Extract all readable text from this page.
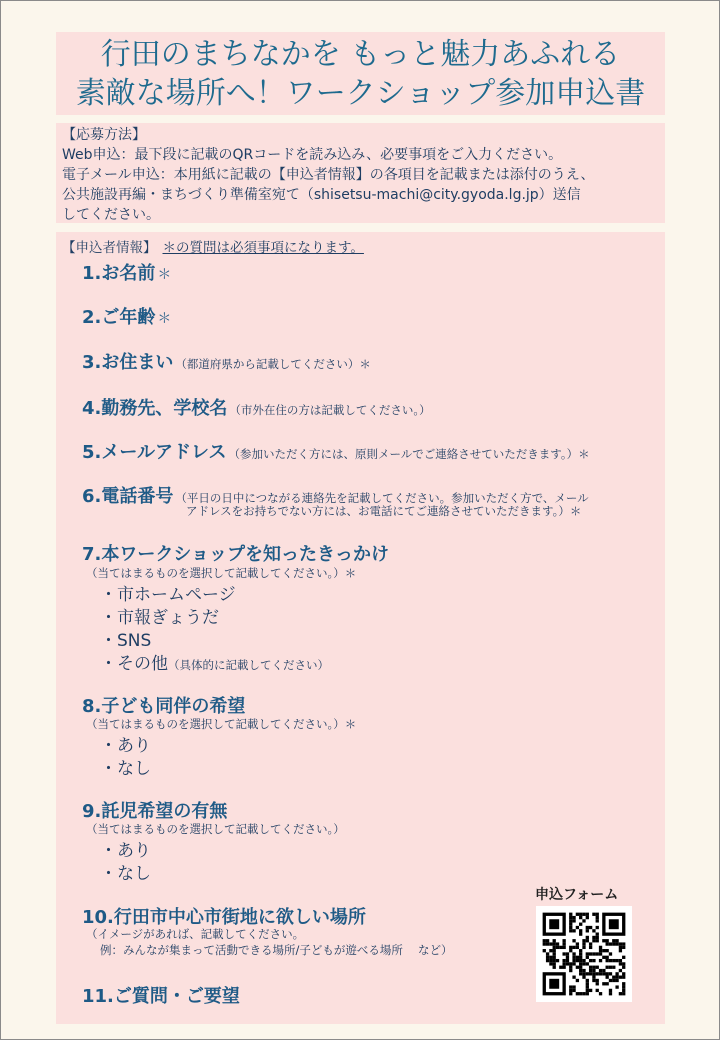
行田のまちなかを もっと魅力あふれる
素敵な場所へ！ワークショップ参加申込書
【応募方法】
Web申込：最下段に記載のQRコードを読み込み、必要事項をご入力ください。
電子メール申込：本用紙に記載の【申込者情報】の各項目を記載または添付のうえ、
公共施設再編・まちづくり準備室宛て（shisetsu-machi@city.gyoda.lg.jp）送信
してください。
【申込者情報】 ＊の質問は必須事項になります。
1.お名前 ＊
2.ご年齢 ＊
3.お住まい （都道府県から記載してください）＊
4.勤務先、学校名 （市外在住の方は記載してください。）
5.メールアドレス （参加いただく方には、原則メールでご連絡させていただきます。）＊
6.電話番号 （平日の日中につながる連絡先を記載してください。参加いただく方で、メール
アドレスをお持ちでない方には、お電話にてご連絡させていただきます。）＊
7.本ワークショップを知ったきっかけ
（当てはまるものを選択して記載してください。）＊
・市ホームページ
・市報ぎょうだ
・SNS
・その他（具体的に記載してください）
8.子ども同伴の希望
（当てはまるものを選択して記載してください。）＊
・あり
・なし
9.託児希望の有無
（当てはまるものを選択して記載してください。）
・あり
・なし
10.行田市中心市街地に欲しい場所
（イメージがあれば、記載してください。
例：みんなが集まって活動できる場所/子どもが遊べる場所　 など）
11.ご質問・ご要望
申込フォーム
